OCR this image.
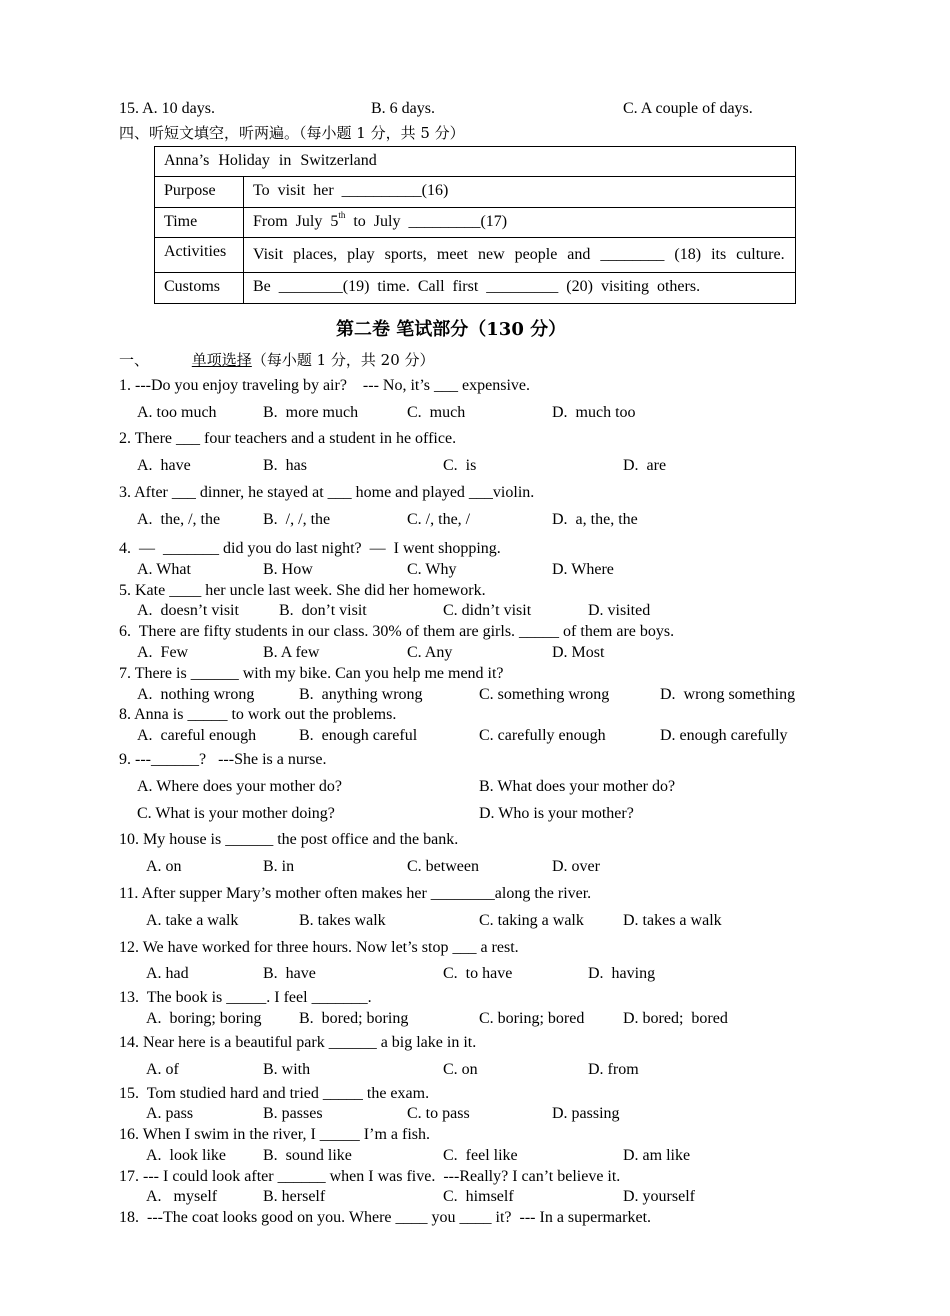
15. A. 10 days.	B. 6 days.	C. A couple of days.
四、听短文填空，听两遍。（每小题 1 分，共 5 分）
Anna’s Holiday in Switzerland	
Purpose	To  visit  her  __________(16)
Time	From  July  5th  to  July  _________(17)
Activities	Visit places, play sports, meet new people and ________ (18) its culture.
Customs	Be  ________(19)  time.  Call  first  _________  (20)  visiting  others.
第二卷 笔试部分（130 分）
一、	单项选择（每小题 1 分，共 20 分）
1. ---Do you enjoy traveling by air?    --- No, it’s ___ expensive.
A. too much	B.  more much	C.  much	D.  much too
2. There ___ four teachers and a student in he office.
A.  have	B.  has	C.  is	D.  are
3. After ___ dinner, he stayed at ___ home and played ___violin.
A.  the, /, the	B.  /, /, the	C. /, the, /	D.  a, the, the
4.  —  _______ did you do last night?  —  I went shopping.
A. What	B. How	C. Why	D. Where
5. Kate ____ her uncle last week. She did her homework.
A.  doesn’t visit	B.  don’t visit	C. didn’t visit	D. visited
6.  There are fifty students in our class. 30% of them are girls. _____ of them are boys.
A.  Few	B. A few	C. Any	D. Most
7. There is ______ with my bike. Can you help me mend it?
A.  nothing wrong	B.  anything wrong	C. something wrong	D.  wrong something
8. Anna is _____ to work out the problems.
A.  careful enough	B.  enough careful	C. carefully enough	D. enough carefully
9. ---______?   ---She is a nurse.
A. Where does your mother do?	B. What does your mother do?
C. What is your mother doing?	D. Who is your mother?
10. My house is ______ the post office and the bank.
A. on	B. in	C. between	D. over
11. After supper Mary’s mother often makes her ________along the river.
A. take a walk	B. takes walk	C. taking a walk D. takes a walk
12. We have worked for three hours. Now let’s stop ___ a rest.
A. had	B.  have	C.  to have	D.  having
13.  The book is _____. I feel _______.
A.  boring; boring B.  bored; boring	C. boring; bored D. bored;  bored
14. Near here is a beautiful park ______ a big lake in it.
A. of	B. with	C. on	D. from
15.  Tom studied hard and tried _____ the exam.
A. pass	B. passes	C. to pass	D. passing
16. When I swim in the river, I _____ I’m a fish.
A.  look like B.  sound like	C.  feel like	D. am like
17. --- I could look after ______ when I was five.  ---Really? I can’t believe it.
A.   myself	B. herself	C.  himself	D. yourself
18.  ---The coat looks good on you. Where ____ you ____ it?  --- In a supermarket.
